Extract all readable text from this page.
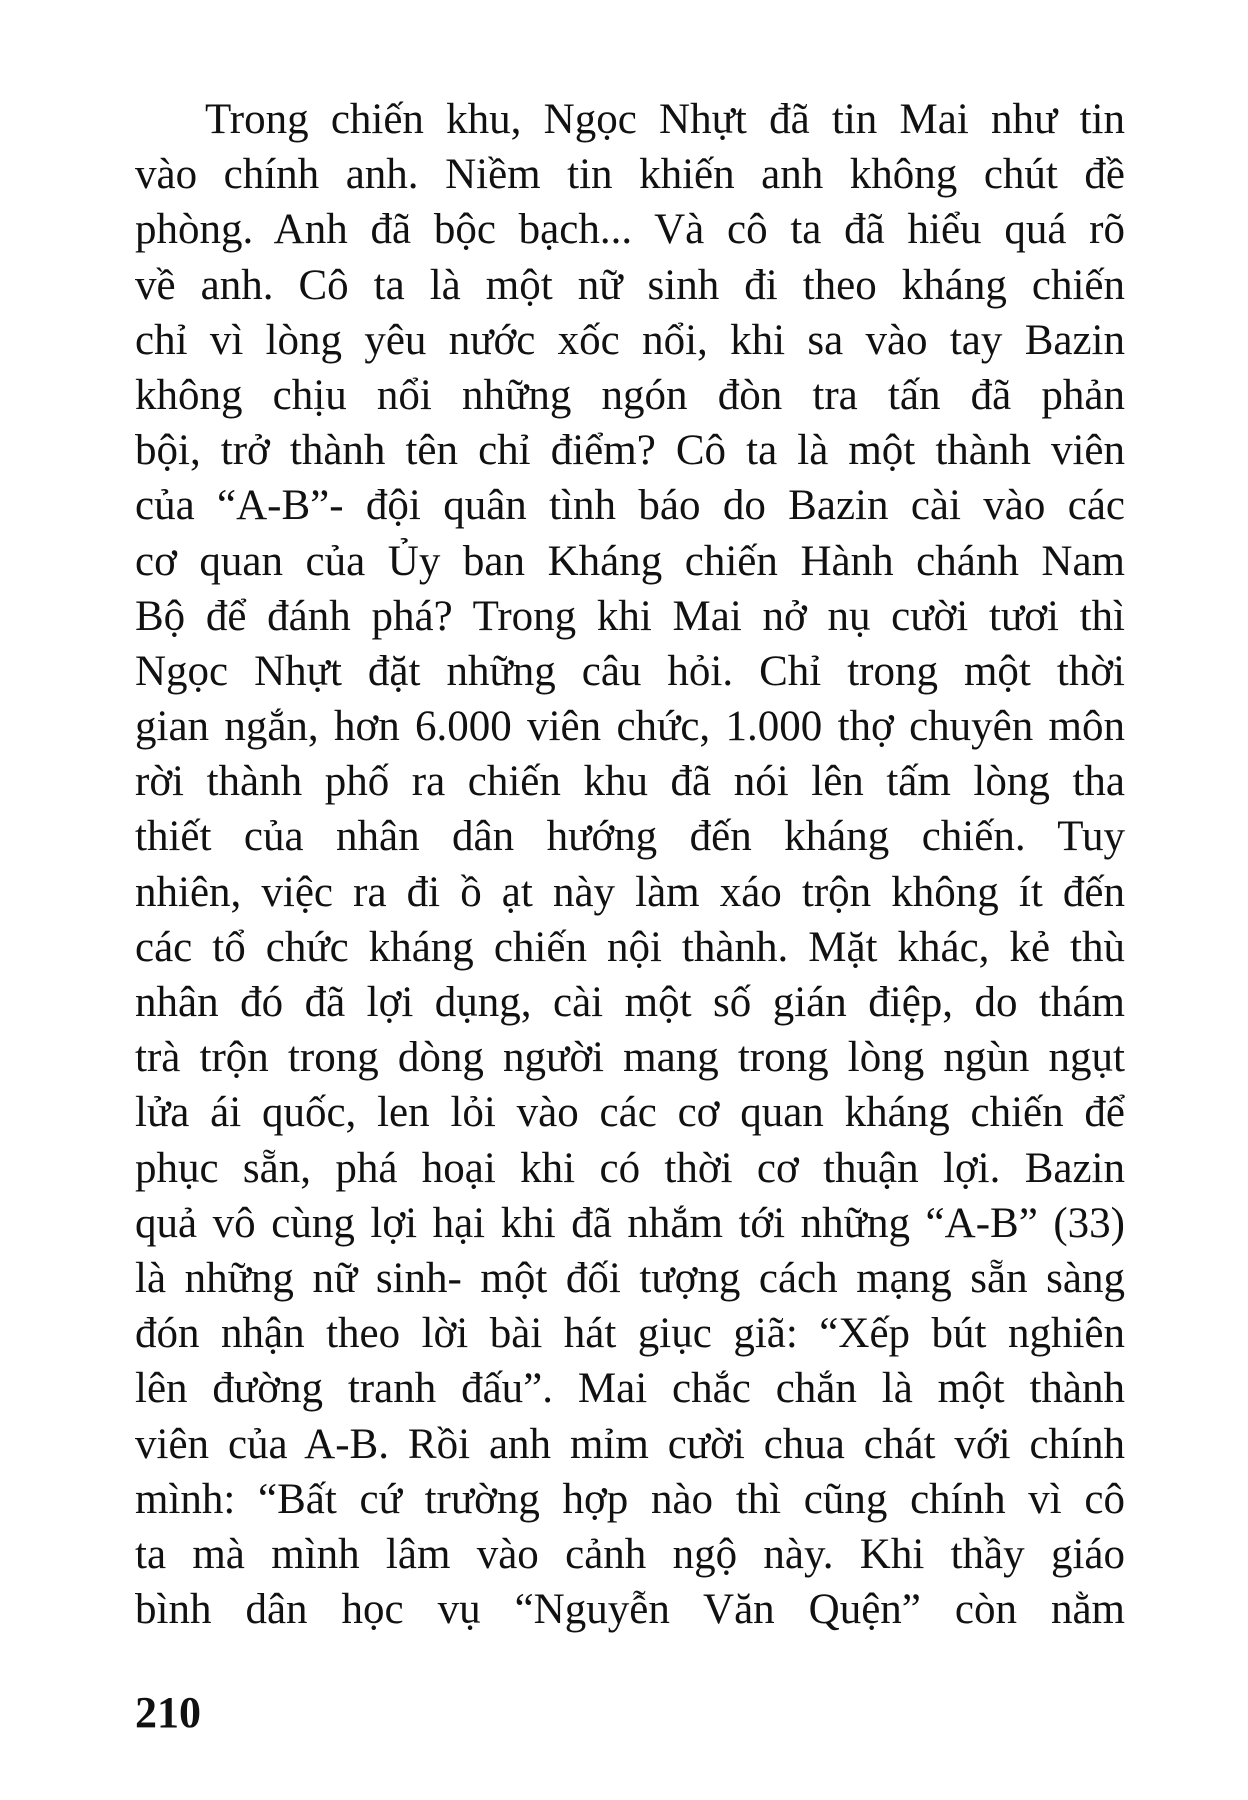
Trong chiến khu, Ngọc Nhựt đã tin Mai như tin
vào chính anh. Niềm tin khiến anh không chút đề
phòng. Anh đã bộc bạch... Và cô ta đã hiểu quá rõ
về anh. Cô ta là một nữ sinh đi theo kháng chiến
chỉ vì lòng yêu nước xốc nổi, khi sa vào tay Bazin
không chịu nổi những ngón đòn tra tấn đã phản
bội, trở thành tên chỉ điểm? Cô ta là một thành viên
của “A-B”- đội quân tình báo do Bazin cài vào các
cơ quan của Ủy ban Kháng chiến Hành chánh Nam
Bộ để đánh phá? Trong khi Mai nở nụ cười tươi thì
Ngọc Nhựt đặt những câu hỏi. Chỉ trong một thời
gian ngắn, hơn 6.000 viên chức, 1.000 thợ chuyên môn
rời thành phố ra chiến khu đã nói lên tấm lòng tha
thiết của nhân dân hướng đến kháng chiến. Tuy
nhiên, việc ra đi ồ ạt này làm xáo trộn không ít đến
các tổ chức kháng chiến nội thành. Mặt khác, kẻ thù
nhân đó đã lợi dụng, cài một số gián điệp, do thám
trà trộn trong dòng người mang trong lòng ngùn ngụt
lửa ái quốc, len lỏi vào các cơ quan kháng chiến để
phục sẵn, phá hoại khi có thời cơ thuận lợi. Bazin
quả vô cùng lợi hại khi đã nhắm tới những “A-B” (33)
là những nữ sinh- một đối tượng cách mạng sẵn sàng
đón nhận theo lời bài hát giục giã: “Xếp bút nghiên
lên đường tranh đấu”. Mai chắc chắn là một thành
viên của A-B. Rồi anh mỉm cười chua chát với chính
mình: “Bất cứ trường hợp nào thì cũng chính vì cô
ta mà mình lâm vào cảnh ngộ này. Khi thầy giáo
bình dân học vụ “Nguyễn Văn Quện” còn nằm
210
